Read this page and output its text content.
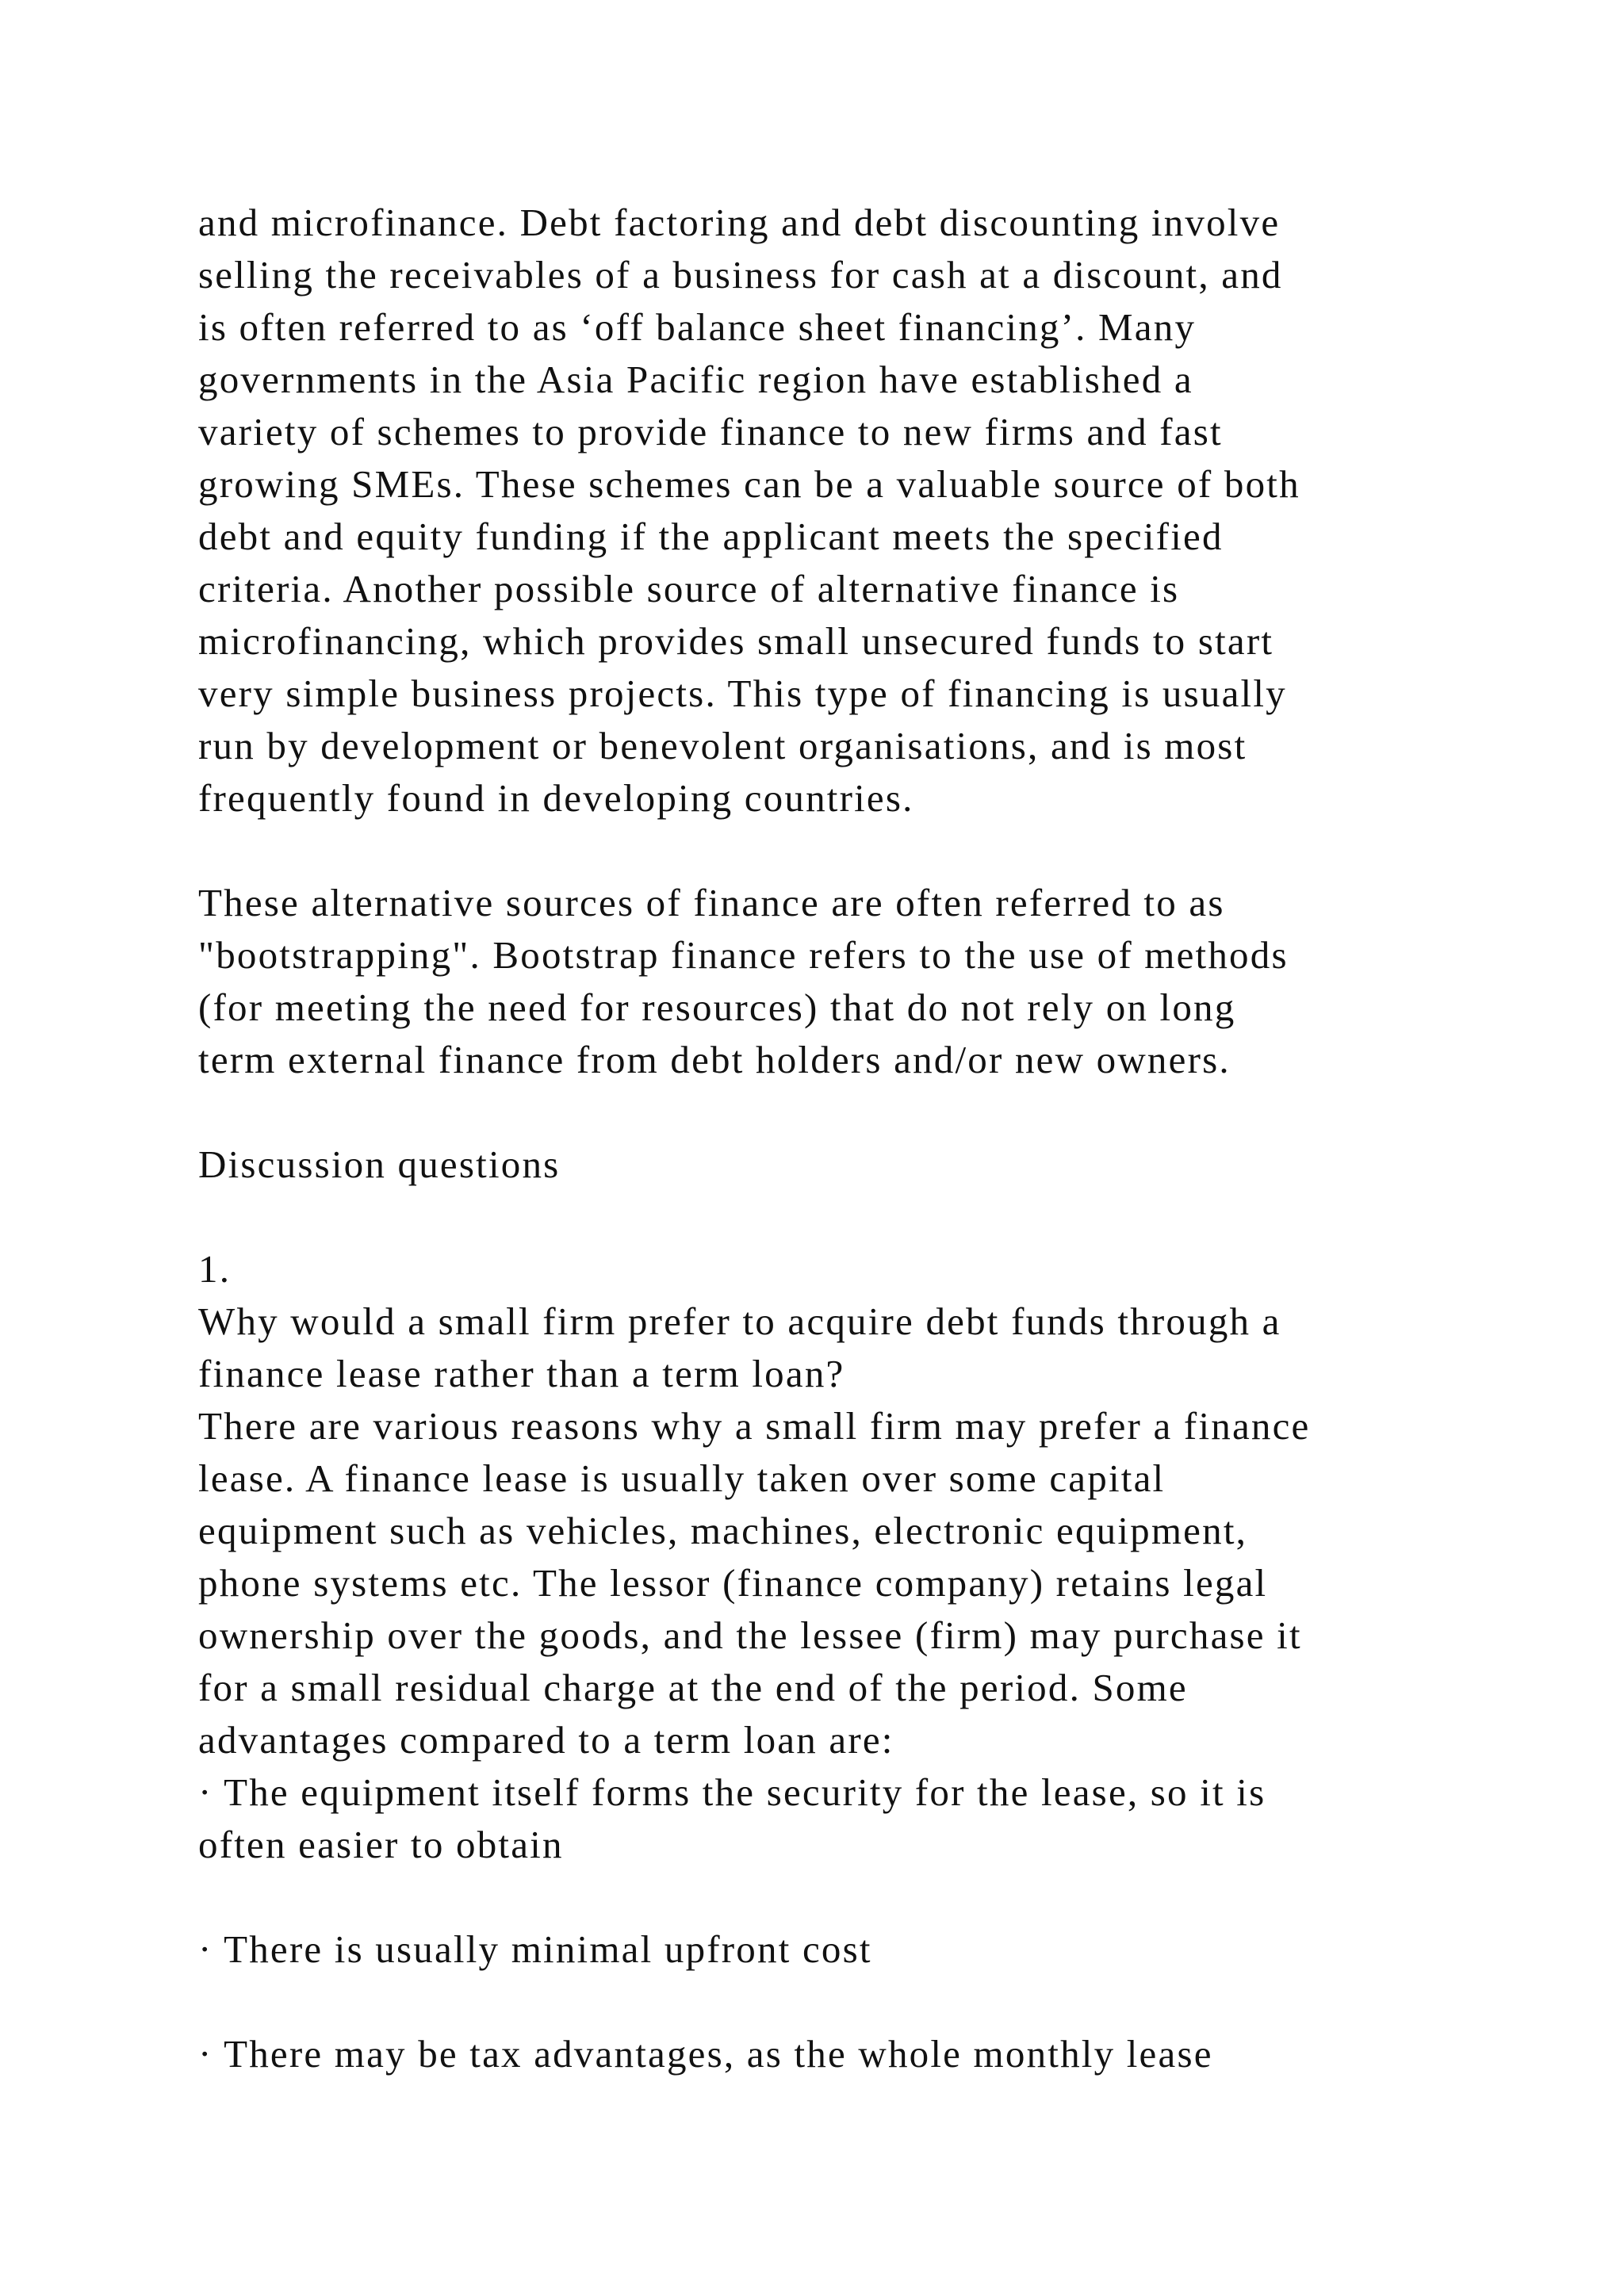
and microfinance. Debt factoring and debt discounting involve
selling the receivables of a business for cash at a discount, and
is often referred to as ‘off balance sheet financing’. Many
governments in the Asia Pacific region have established a
variety of schemes to provide finance to new firms and fast
growing SMEs. These schemes can be a valuable source of both
debt and equity funding if the applicant meets the specified
criteria. Another possible source of alternative finance is
microfinancing, which provides small unsecured funds to start
very simple business projects. This type of financing is usually
run by development or benevolent organisations, and is most
frequently found in developing countries.
These alternative sources of finance are often referred to as
"bootstrapping". Bootstrap finance refers to the use of methods
(for meeting the need for resources) that do not rely on long
term external finance from debt holders and/or new owners.
Discussion questions
1.
Why would a small firm prefer to acquire debt funds through a
finance lease rather than a term loan?
There are various reasons why a small firm may prefer a finance
lease. A finance lease is usually taken over some capital
equipment such as vehicles, machines, electronic equipment,
phone systems etc. The lessor (finance company) retains legal
ownership over the goods, and the lessee (firm) may purchase it
for a small residual charge at the end of the period. Some
advantages compared to a term loan are:
· The equipment itself forms the security for the lease, so it is
often easier to obtain
· There is usually minimal upfront cost
· There may be tax advantages, as the whole monthly lease
